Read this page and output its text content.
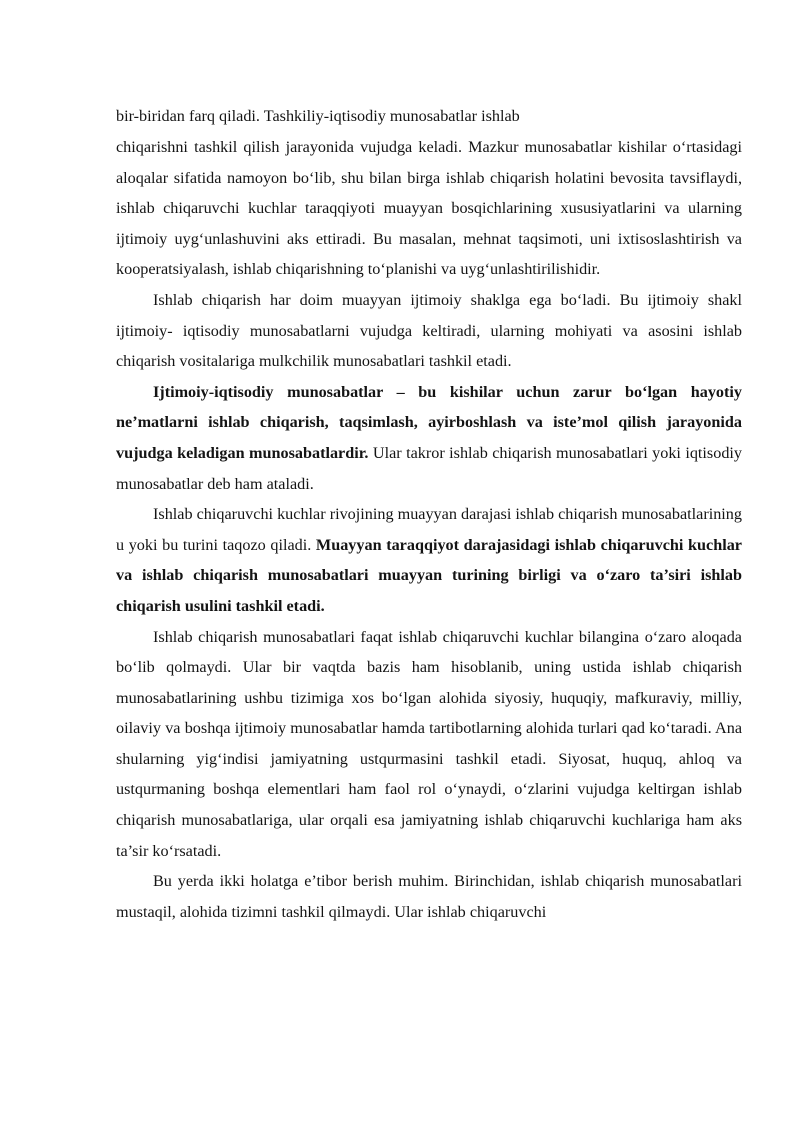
bir-biridan farq qiladi. Tashkiliy-iqtisodiy munosabatlar ishlab

chiqarishni tashkil qilish jarayonida vujudga keladi. Mazkur munosabatlar kishilar o‘rtasidagi aloqalar sifatida namoyon bo‘lib, shu bilan birga ishlab chiqarish holatini bevosita tavsiflaydi, ishlab chiqaruvchi kuchlar taraqqiyoti muayyan bosqichlarining xususiyatlarini va ularning ijtimoiy uyg‘unlashuvini aks ettiradi. Bu masalan, mehnat taqsimoti, uni ixtisoslashtirish va kooperatsiyalash, ishlab chiqarishning to‘planishi va uyg‘unlashtirilishidir.

Ishlab chiqarish har doim muayyan ijtimoiy shaklga ega bo‘ladi. Bu ijtimoiy shakl ijtimoiy- iqtisodiy munosabatlarni vujudga keltiradi, ularning mohiyati va asosini ishlab chiqarish vositalariga mulkchilik munosabatlari tashkil etadi.

Ijtimoiy-iqtisodiy munosabatlar – bu kishilar uchun zarur bo‘lgan hayotiy ne’matlarni ishlab chiqarish, taqsimlash, ayirboshlash va iste’mol qilish jarayonida vujudga keladigan munosabatlardir. Ular takror ishlab chiqarish munosabatlari yoki iqtisodiy munosabatlar deb ham ataladi.

Ishlab chiqaruvchi kuchlar rivojining muayyan darajasi ishlab chiqarish munosabatlarining u yoki bu turini taqozo qiladi. Muayyan taraqqiyot darajasidagi ishlab chiqaruvchi kuchlar va ishlab chiqarish munosabatlari muayyan turining birligi va o‘zaro ta’siri ishlab chiqarish usulini tashkil etadi.

Ishlab chiqarish munosabatlari faqat ishlab chiqaruvchi kuchlar bilangina o‘zaro aloqada bo‘lib qolmaydi. Ular bir vaqtda bazis ham hisoblanib, uning ustida ishlab chiqarish munosabatlarining ushbu tizimiga xos bo‘lgan alohida siyosiy, huquqiy, mafkuraviy, milliy, oilaviy va boshqa ijtimoiy munosabatlar hamda tartibotlarning alohida turlari qad ko‘taradi. Ana shularning yig‘indisi jamiyatning ustqurmasini tashkil etadi. Siyosat, huquq, ahloq va ustqurmaning boshqa elementlari ham faol rol o‘ynaydi, o‘zlarini vujudga keltirgan ishlab chiqarish munosabatlariga, ular orqali esa jamiyatning ishlab chiqaruvchi kuchlariga ham aks ta’sir ko‘rsatadi.

Bu yerda ikki holatga e’tibor berish muhim. Birinchidan, ishlab chiqarish munosabatlari mustaqil, alohida tizimni tashkil qilmaydi. Ular ishlab chiqaruvchi
